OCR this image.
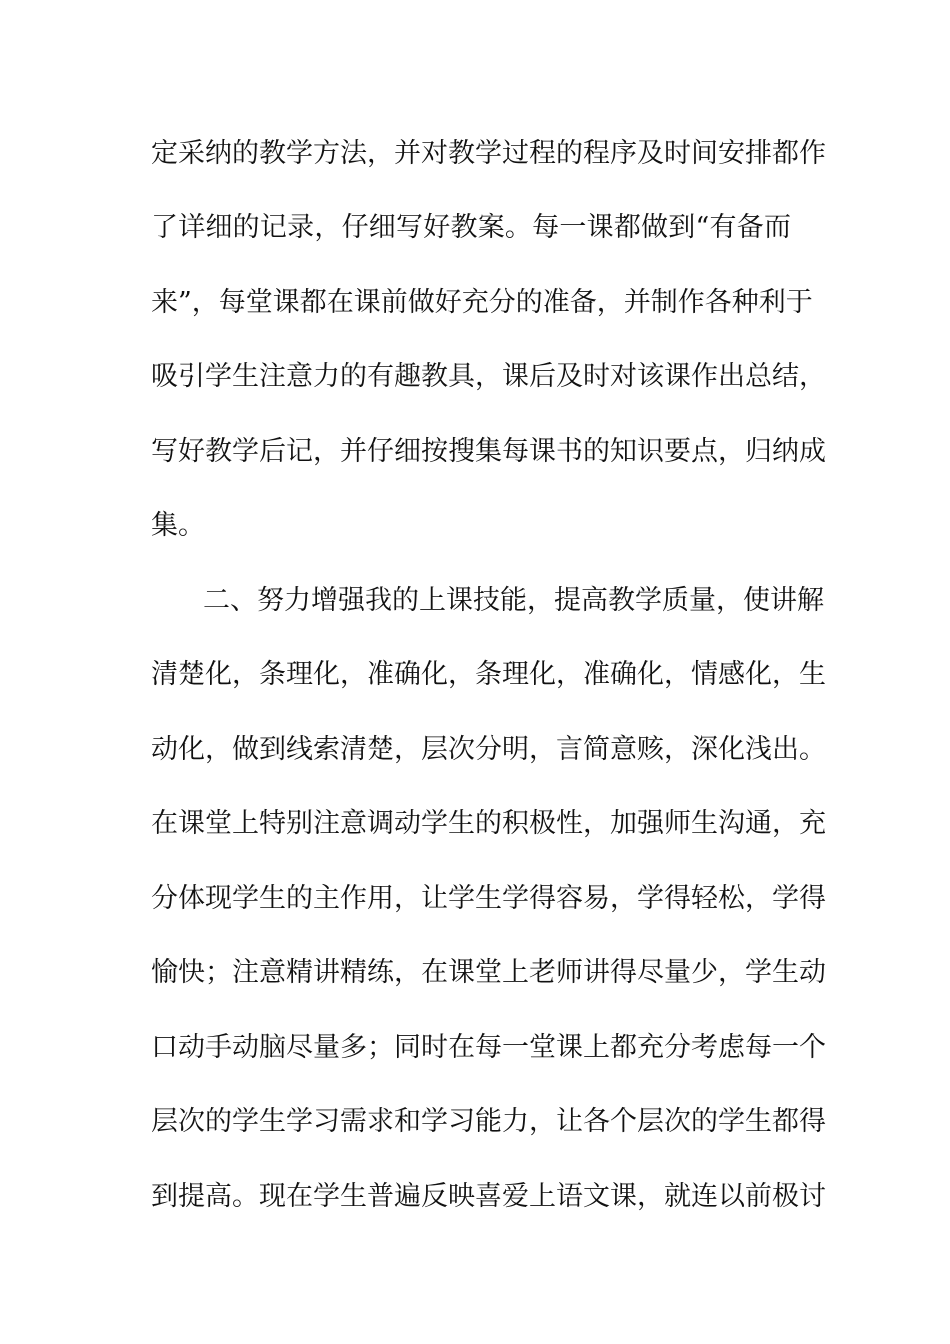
定采纳的教学方法，并对教学过程的程序及时间安排都作
了详细的记录，仔细写好教案。每一课都做到“有备而
来”，每堂课都在课前做好充分的准备，并制作各种利于
吸引学生注意力的有趣教具，课后及时对该课作出总结，
写好教学后记，并仔细按搜集每课书的知识要点，归纳成
集。
二、努力增强我的上课技能，提高教学质量，使讲解
清楚化，条理化，准确化，条理化，准确化，情感化，生
动化，做到线索清楚，层次分明，言简意赅，深化浅出。
在课堂上特别注意调动学生的积极性，加强师生沟通，充
分体现学生的主作用，让学生学得容易，学得轻松，学得
愉快；注意精讲精练，在课堂上老师讲得尽量少，学生动
口动手动脑尽量多；同时在每一堂课上都充分考虑每一个
层次的学生学习需求和学习能力，让各个层次的学生都得
到提高。现在学生普遍反映喜爱上语文课，就连以前极讨
